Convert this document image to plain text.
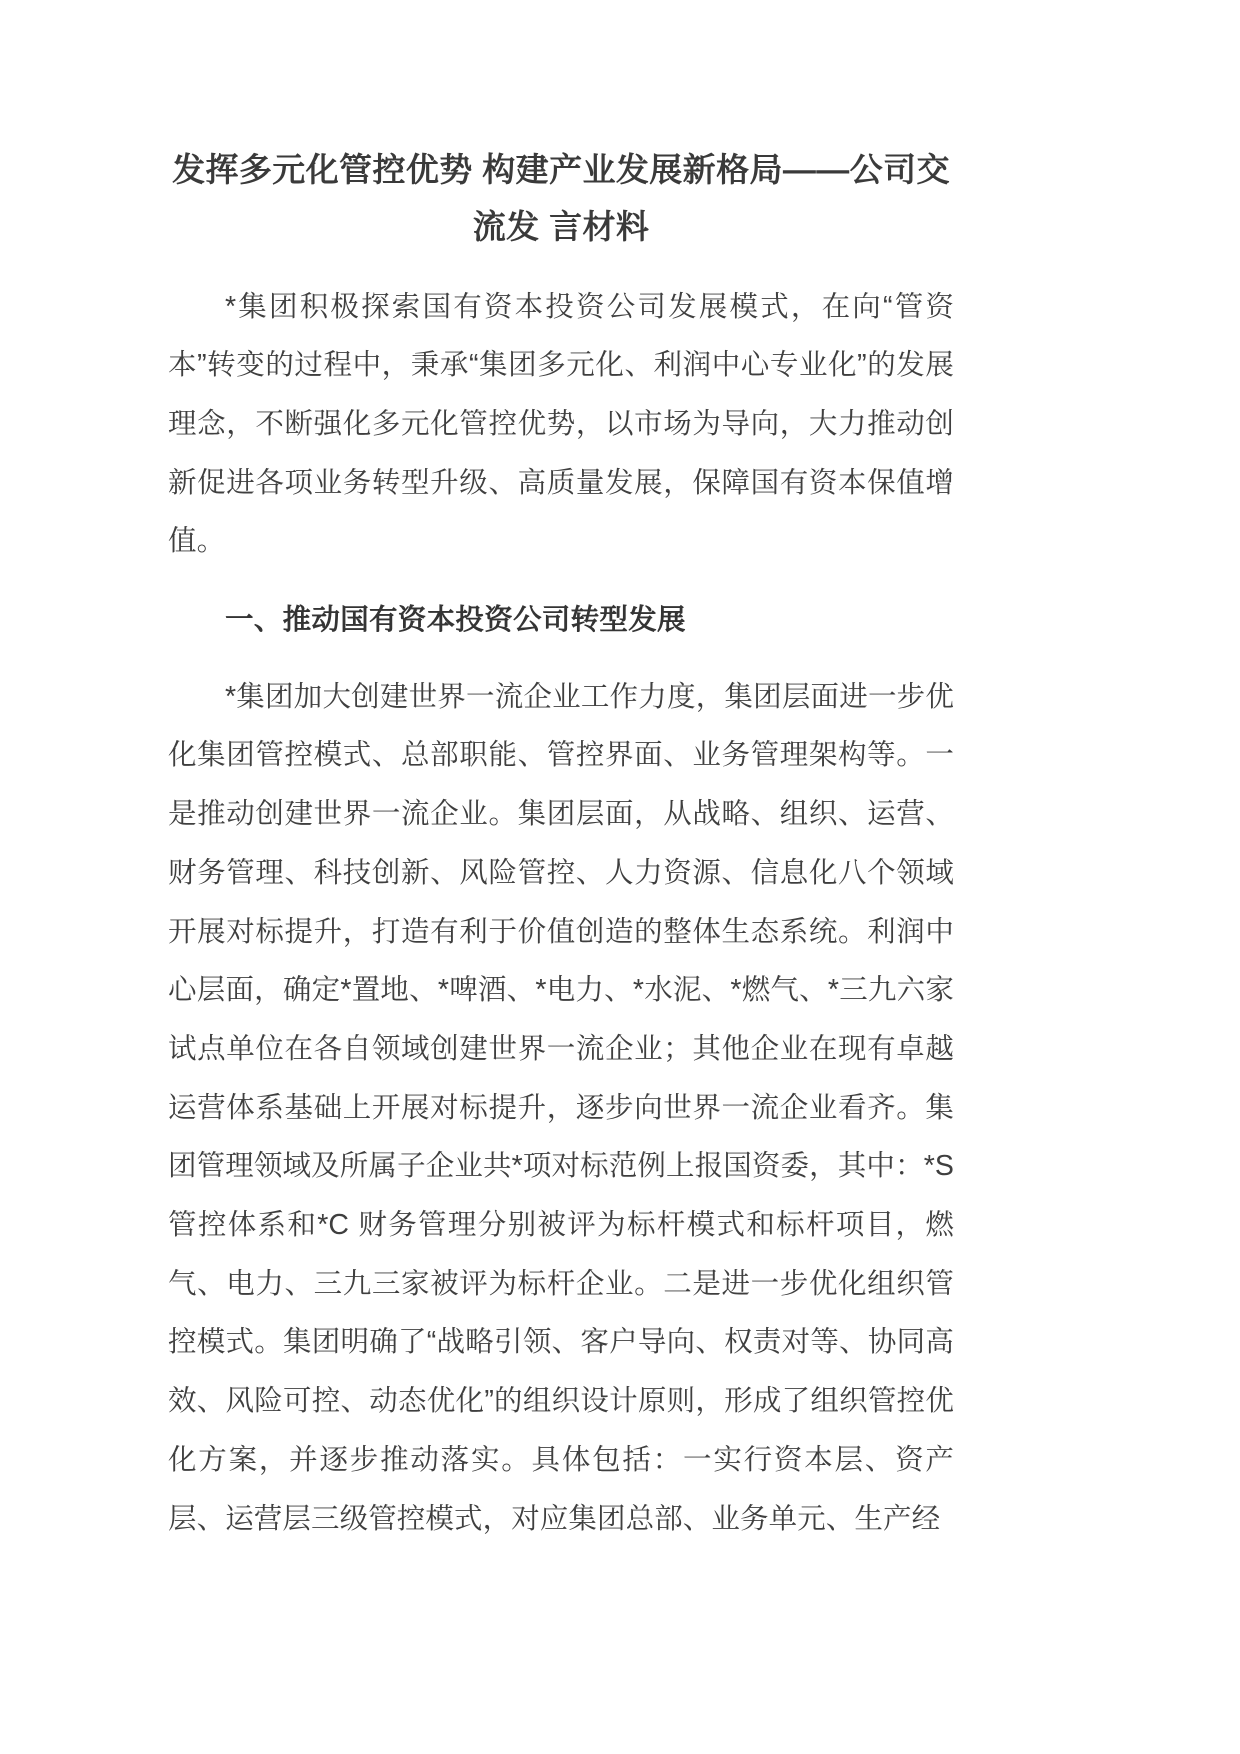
发挥多元化管控优势 构建产业发展新格局——公司交流发 言材料

*集团积极探索国有资本投资公司发展模式，在向“管资本”转变的过程中，秉承“集团多元化、利润中心专业化”的发展理念，不断强化多元化管控优势，以市场为导向，大力推动创新促进各项业务转型升级、高质量发展，保障国有资本保值增值。

一、推动国有资本投资公司转型发展

*集团加大创建世界一流企业工作力度，集团层面进一步优化集团管控模式、总部职能、管控界面、业务管理架构等。一是推动创建世界一流企业。集团层面，从战略、组织、运营、财务管理、科技创新、风险管控、人力资源、信息化八个领域开展对标提升，打造有利于价值创造的整体生态系统。利润中心层面，确定*置地、*啤酒、*电力、*水泥、*燃气、*三九六家试点单位在各自领域创建世界一流企业；其他企业在现有卓越运营体系基础上开展对标提升，逐步向世界一流企业看齐。集团管理领域及所属子企业共*项对标范例上报国资委，其中：*S 管控体系和*C 财务管理分别被评为标杆模式和标杆项目，燃气、电力、三九三家被评为标杆企业。二是进一步优化组织管控模式。集团明确了“战略引领、客户导向、权责对等、协同高效、风险可控、动态优化”的组织设计原则，形成了组织管控优化方案，并逐步推动落实。具体包括：一实行资本层、资产层、运营层三级管控模式，对应集团总部、业务单元、生产经
